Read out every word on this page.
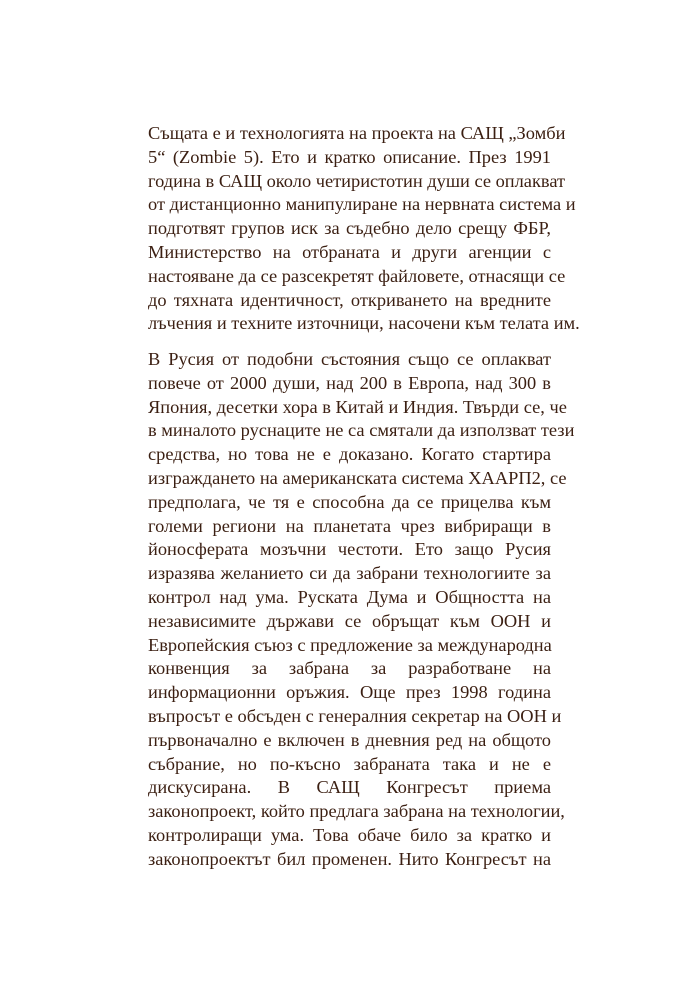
Същата е и технологията на проекта на САЩ „Зомби
5“ (Zombie 5). Ето и кратко описание. През 1991
година в САЩ около четиристотин души се оплакват
от дистанционно манипулиране на нервната система и
подготвят групов иск за съдебно дело срещу ФБР,
Министерство на отбраната и други агенции с
настояване да се разсекретят файловете, отнасящи се
до тяхната идентичност, откриването на вредните
лъчения и техните източници, насочени към телата им.
В Русия от подобни състояния също се оплакват
повече от 2000 души, над 200 в Европа, над 300 в
Япония, десетки хора в Китай и Индия. Твърди се, че
в миналото руснаците не са смятали да използват тези
средства, но това не е доказано. Когато стартира
изграждането на американската система ХААРП2, се
предполага, че тя е способна да се прицелва към
големи региони на планетата чрез вибриращи в
йоносферата мозъчни честоти. Ето защо Русия
изразява желанието си да забрани технологиите за
контрол над ума. Руската Дума и Общността на
независимите държави се обръщат към ООН и
Европейския съюз с предложение за международна
конвенция за забрана за разработване на
информационни оръжия. Още през 1998 година
въпросът е обсъден с генералния секретар на ООН и
първоначално е включен в дневния ред на общото
събрание, но по-късно забраната така и не е
дискусирана. В САЩ Конгресът приема
законопроект, който предлага забрана на технологии,
контролиращи ума. Това обаче било за кратко и
законопроектът бил променен. Нито Конгресът на
